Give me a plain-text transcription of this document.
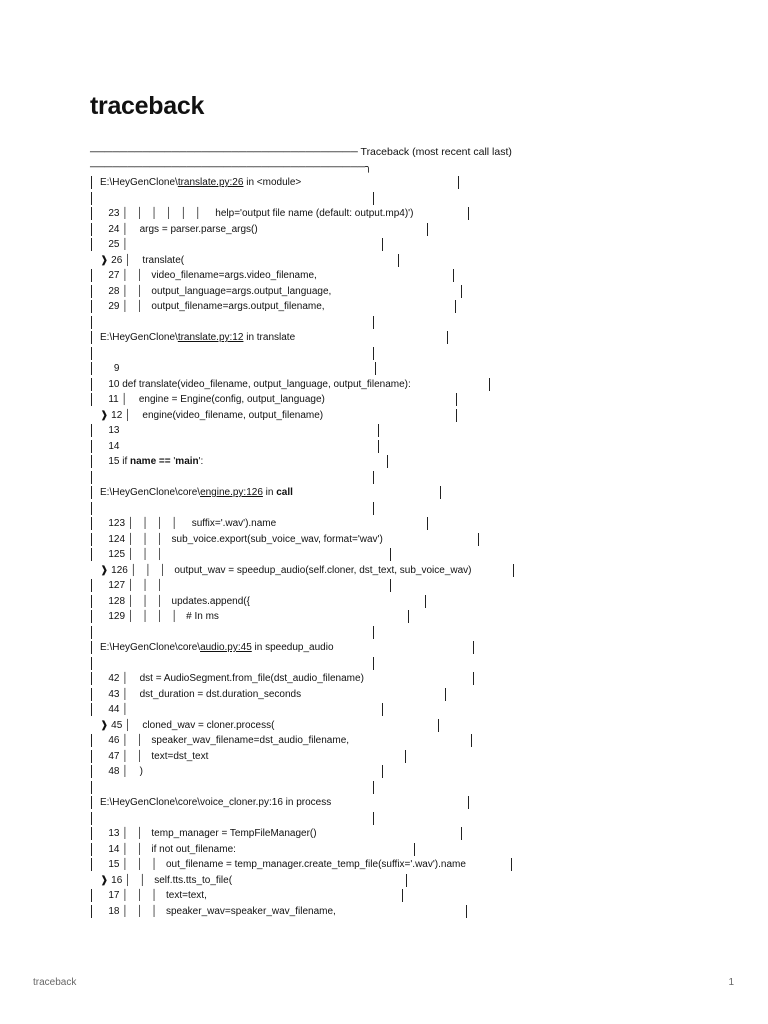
traceback
──────────────────────────────────── Traceback (most recent call last)
─────────────────────────────────────╮
E:\HeyGenClone\translate.py:26 in <module>
23 │   │   │   │   │   │     help='output file name (default: output.mp4)')
24 │    args = parser.parse_args()
25 │
❱ 26 │    translate(
27 │   │   video_filename=args.video_filename,
28 │   │   output_language=args.output_language,
29 │   │   output_filename=args.output_filename,
E:\HeyGenClone\translate.py:12 in translate
9
10 def translate(video_filename, output_language, output_filename):
11 │    engine = Engine(config, output_language)
❱ 12 │    engine(video_filename, output_filename)
13
14
15 if name == 'main':
E:\HeyGenClone\core\engine.py:126 in call
123 │   │   │   │     suffix='.wav').name
124 │   │   │   sub_voice.export(sub_voice_wav, format='wav')
125 │   │   │
❱ 126 │   │   │   output_wav = speedup_audio(self.cloner, dst_text, sub_voice_wav)
127 │   │   │
128 │   │   │   updates.append({
129 │   │   │   │   # In ms
E:\HeyGenClone\core\audio.py:45 in speedup_audio
42 │    dst = AudioSegment.from_file(dst_audio_filename)
43 │    dst_duration = dst.duration_seconds
44 │
❱ 45 │    cloned_wav = cloner.process(
46 │   │   speaker_wav_filename=dst_audio_filename,
47 │   │   text=dst_text
48 │    )
E:\HeyGenClone\core\voice_cloner.py:16 in process
13 │   │   temp_manager = TempFileManager()
14 │   │   if not out_filename:
15 │   │   │   out_filename = temp_manager.create_temp_file(suffix='.wav').name
❱ 16 │   │   self.tts.tts_to_file(
17 │   │   │   text=text,
18 │   │   │   speaker_wav=speaker_wav_filename,
traceback	1
